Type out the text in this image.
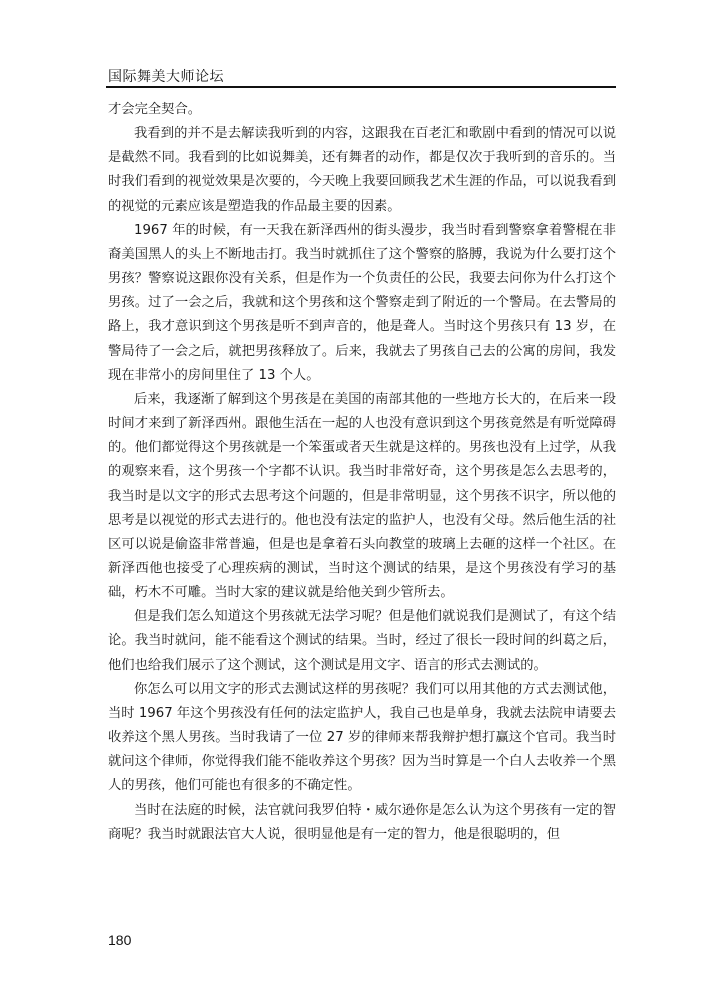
国际舞美大师论坛

才会完全契合。

我看到的并不是去解读我听到的内容，这跟我在百老汇和歌剧中看到的情况可以说是截然不同。我看到的比如说舞美，还有舞者的动作，都是仅次于我听到的音乐的。当时我们看到的视觉效果是次要的，今天晚上我要回顾我艺术生涯的作品，可以说我看到的视觉的元素应该是塑造我的作品最主要的因素。

1967 年的时候，有一天我在新泽西州的街头漫步，我当时看到警察拿着警棍在非裔美国黑人的头上不断地击打。我当时就抓住了这个警察的胳膊，我说为什么要打这个男孩？警察说这跟你没有关系，但是作为一个负责任的公民，我要去问你为什么打这个男孩。过了一会之后，我就和这个男孩和这个警察走到了附近的一个警局。在去警局的路上，我才意识到这个男孩是听不到声音的，他是聋人。当时这个男孩只有 13 岁，在警局待了一会之后，就把男孩释放了。后来，我就去了男孩自己去的公寓的房间，我发现在非常小的房间里住了 13 个人。

后来，我逐渐了解到这个男孩是在美国的南部其他的一些地方长大的，在后来一段时间才来到了新泽西州。跟他生活在一起的人也没有意识到这个男孩竟然是有听觉障碍的。他们都觉得这个男孩就是一个笨蛋或者天生就是这样的。男孩也没有上过学，从我的观察来看，这个男孩一个字都不认识。我当时非常好奇，这个男孩是怎么去思考的，我当时是以文字的形式去思考这个问题的，但是非常明显，这个男孩不识字，所以他的思考是以视觉的形式去进行的。他也没有法定的监护人，也没有父母。然后他生活的社区可以说是偷盗非常普遍，但是也是拿着石头向教堂的玻璃上去砸的这样一个社区。在新泽西他也接受了心理疾病的测试，当时这个测试的结果，是这个男孩没有学习的基础，朽木不可雕。当时大家的建议就是给他关到少管所去。

但是我们怎么知道这个男孩就无法学习呢？但是他们就说我们是测试了，有这个结论。我当时就问，能不能看这个测试的结果。当时，经过了很长一段时间的纠葛之后，他们也给我们展示了这个测试，这个测试是用文字、语言的形式去测试的。

你怎么可以用文字的形式去测试这样的男孩呢？我们可以用其他的方式去测试他，当时 1967 年这个男孩没有任何的法定监护人，我自己也是单身，我就去法院申请要去收养这个黑人男孩。当时我请了一位 27 岁的律师来帮我辩护想打赢这个官司。我当时就问这个律师，你觉得我们能不能收养这个男孩？因为当时算是一个白人去收养一个黑人的男孩，他们可能也有很多的不确定性。

当时在法庭的时候，法官就问我罗伯特・威尔逊你是怎么认为这个男孩有一定的智商呢？我当时就跟法官大人说，很明显他是有一定的智力，他是很聪明的，但

180
